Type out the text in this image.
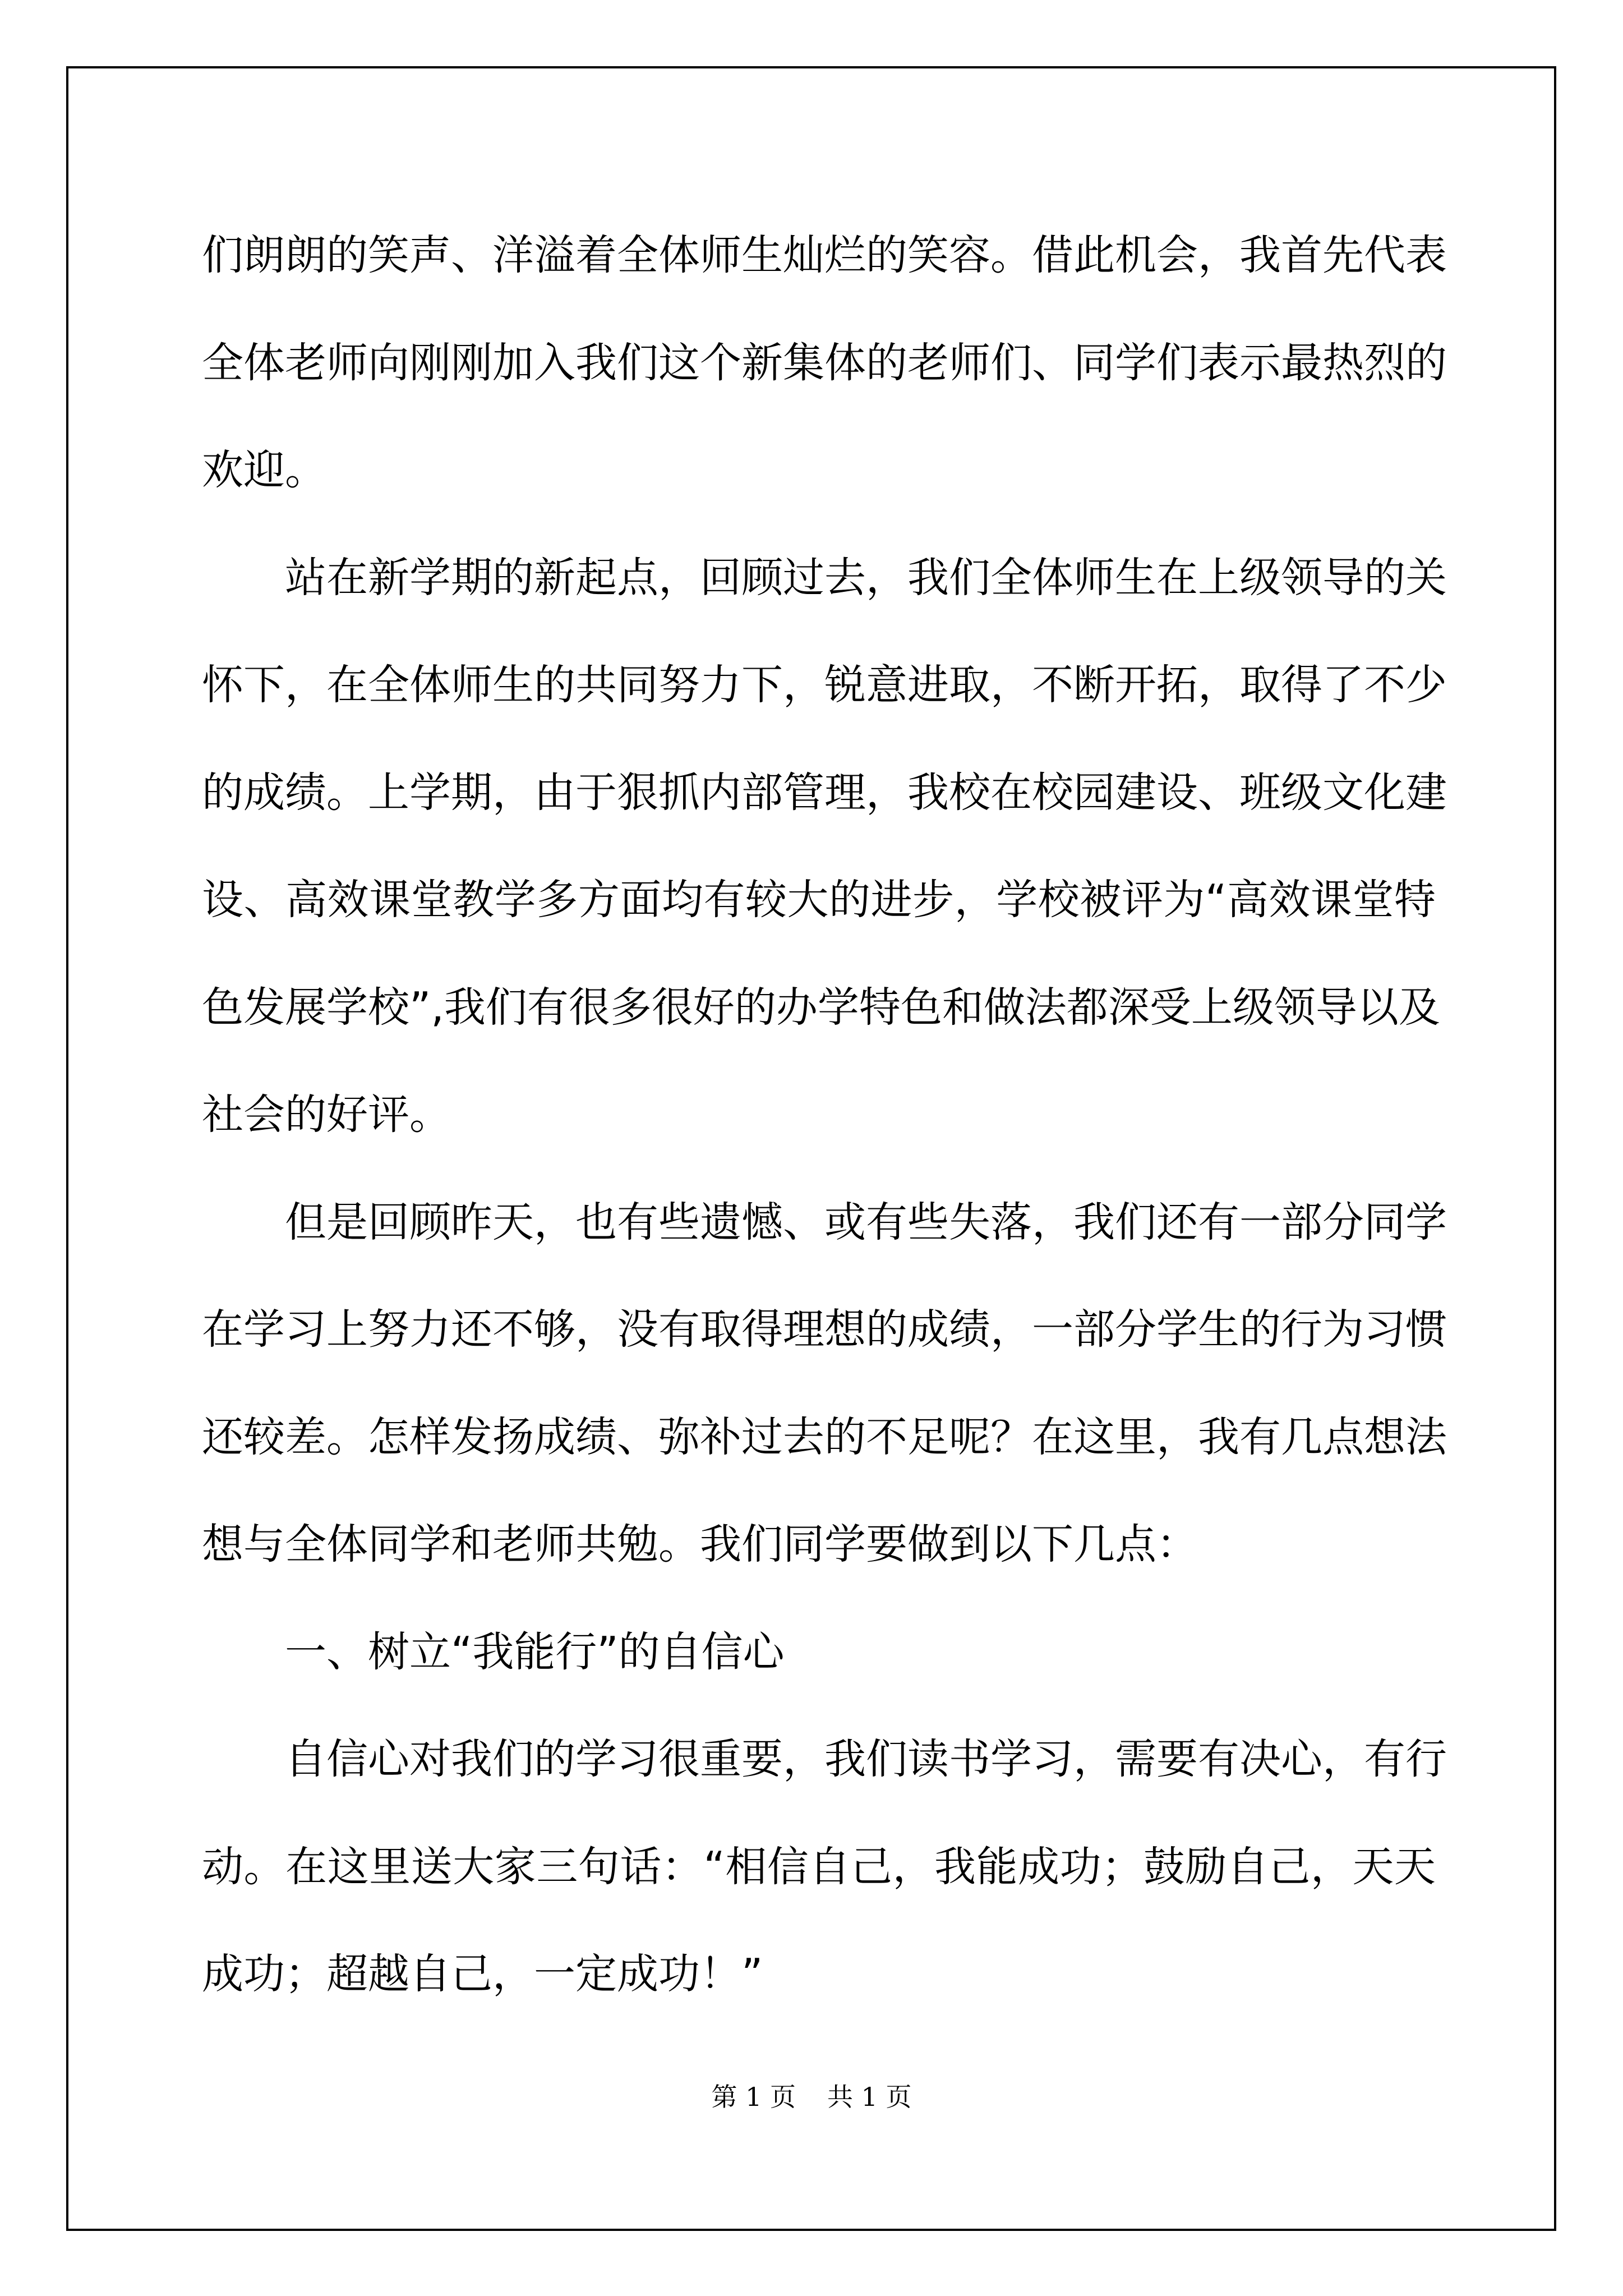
们朗朗的笑声、洋溢着全体师生灿烂的笑容。借此机会，我首先代表
全体老师向刚刚加入我们这个新集体的老师们、同学们表示最热烈的
欢迎。
站在新学期的新起点，回顾过去，我们全体师生在上级领导的关
怀下，在全体师生的共同努力下，锐意进取，不断开拓，取得了不少
的成绩。上学期，由于狠抓内部管理，我校在校园建设、班级文化建
设、高效课堂教学多方面均有较大的进步，学校被评为“高效课堂特
色发展学校”,我们有很多很好的办学特色和做法都深受上级领导以及
社会的好评。
但是回顾昨天，也有些遗憾、或有些失落，我们还有一部分同学
在学习上努力还不够，没有取得理想的成绩，一部分学生的行为习惯
还较差。怎样发扬成绩、弥补过去的不足呢？在这里，我有几点想法
想与全体同学和老师共勉。我们同学要做到以下几点：
一、树立“我能行”的自信心
自信心对我们的学习很重要，我们读书学习，需要有决心，有行
动。在这里送大家三句话：“相信自己，我能成功；鼓励自己，天天
成功；超越自己，一定成功！”
第 1 页 共 1 页
